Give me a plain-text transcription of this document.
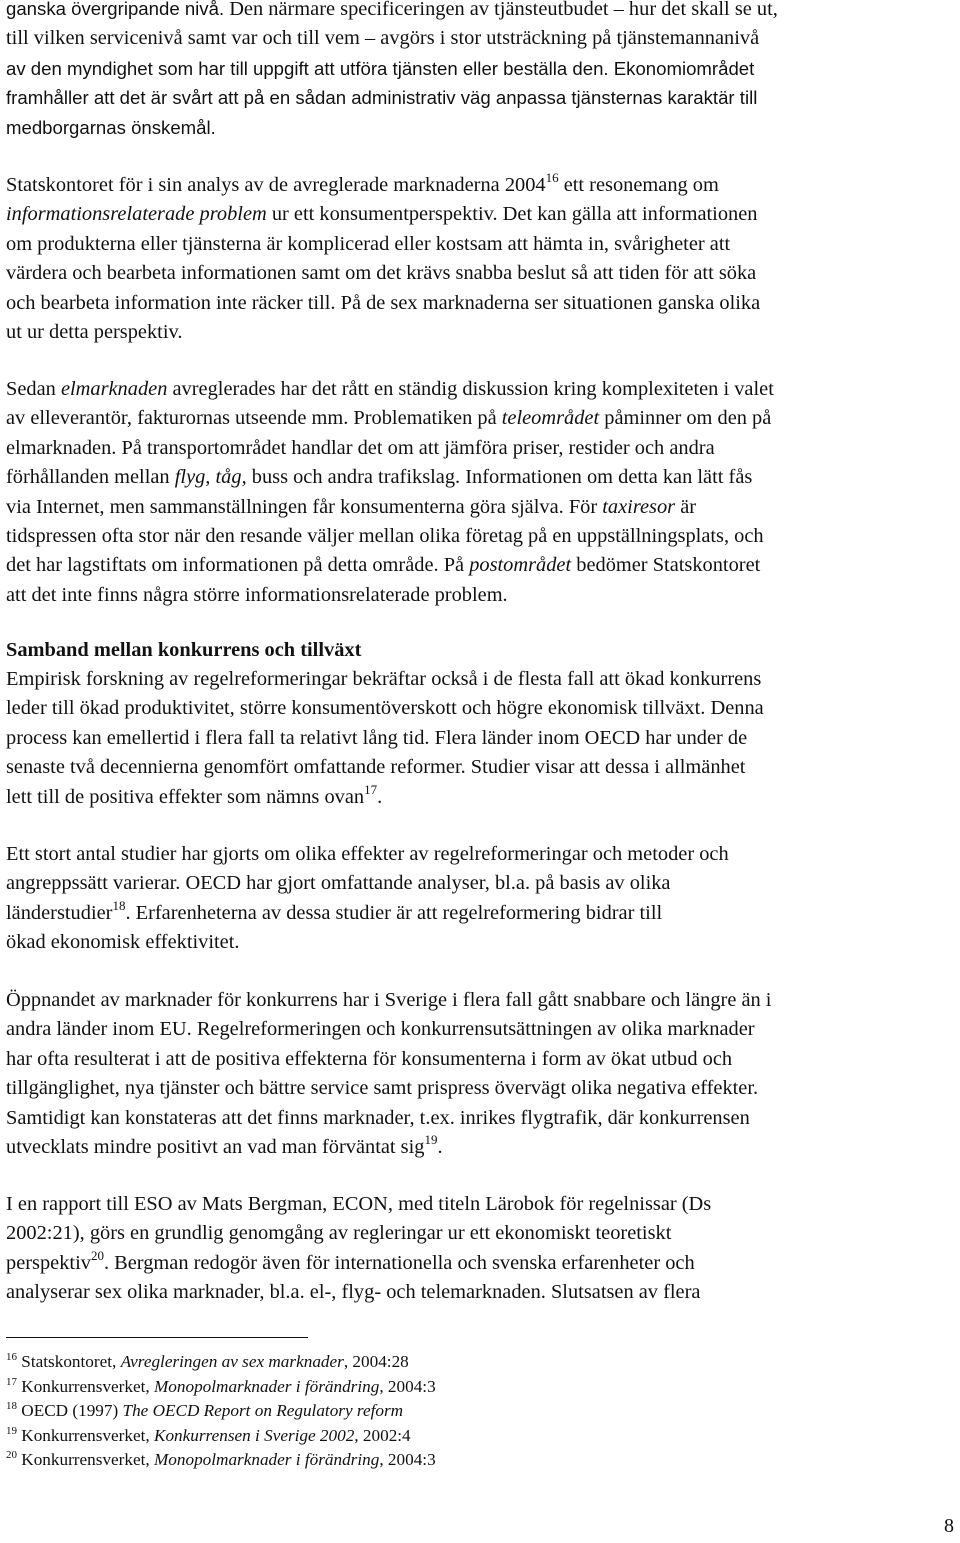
ganska övergripande nivå. Den närmare specificeringen av tjänsteutbudet – hur det skall se ut,
till vilken servicenivå samt var och till vem – avgörs i stor utsträckning på tjänstemannanivå
av den myndighet som har till uppgift att utföra tjänsten eller beställa den. Ekonomiområdet
framhåller att det är svårt att på en sådan administrativ väg anpassa tjänsternas karaktär till
medborgarnas önskemål.

Statskontoret för i sin analys av de avreglerade marknaderna 2004$^{16}$ ett resonemang om
informationsrelaterade problem ur ett konsumentperspektiv. Det kan gälla att informationen
om produkterna eller tjänsterna är komplicerad eller kostsam att hämta in, svårigheter att
värdera och bearbeta informationen samt om det krävs snabba beslut så att tiden för att söka
och bearbeta information inte räcker till. På de sex marknaderna ser situationen ganska olika
ut ur detta perspektiv.

Sedan elmarknaden avreglerades har det rått en ständig diskussion kring komplexiteten i valet
av elleverantör, fakturornas utseende mm. Problematiken på teleområdet påminner om den på
elmarknaden. På transportområdet handlar det om att jämföra priser, restider och andra
förhållanden mellan flyg, tåg, buss och andra trafikslag. Informationen om detta kan lätt fås
via Internet, men sammanställningen får konsumenterna göra själva. För taxiresor är
tidspressen ofta stor när den resande väljer mellan olika företag på en uppställningsplats, och
det har lagstiftats om informationen på detta område. På postområdet bedömer Statskontoret
att det inte finns några större informationsrelaterade problem.

Samband mellan konkurrens och tillväxt

Empirisk forskning av regelreformeringar bekräftar också i de flesta fall att ökad konkurrens
leder till ökad produktivitet, större konsumentöverskott och högre ekonomisk tillväxt. Denna
process kan emellertid i flera fall ta relativt lång tid. Flera länder inom OECD har under de
senaste två decennierna genomfört omfattande reformer. Studier visar att dessa i allmänhet
lett till de positiva effekter som nämns ovan$^{17}$.

Ett stort antal studier har gjorts om olika effekter av regelreformeringar och metoder och
angreppssätt varierar. OECD har gjort omfattande analyser, bl.a. på basis av olika
länderstudier$^{18}$. Erfarenheterna av dessa studier är att regelreformering bidrar till
ökad ekonomisk effektivitet.

Öppnandet av marknader för konkurrens har i Sverige i flera fall gått snabbare och längre än i
andra länder inom EU. Regelreformeringen och konkurrensutsättningen av olika marknader
har ofta resulterat i att de positiva effekterna för konsumenterna i form av ökat utbud och
tillgänglighet, nya tjänster och bättre service samt prispress övervägt olika negativa effekter.
Samtidigt kan konstateras att det finns marknader, t.ex. inrikes flygtrafik, där konkurrensen
utvecklats mindre positivt an vad man förväntat sig$^{19}$.

I en rapport till ESO av Mats Bergman, ECON, med titeln Lärobok för regelnissar (Ds
2002:21), görs en grundlig genomgång av regleringar ur ett ekonomiskt teoretiskt
perspektiv$^{20}$. Bergman redogör även för internationella och svenska erfarenheter och
analyserar sex olika marknader, bl.a. el-, flyg- och telemarknaden. Slutsatsen av flera

$^{16}$ Statskontoret, Avregleringen av sex marknader, 2004:28
$^{17}$ Konkurrensverket, Monopolmarknader i förändring, 2004:3
$^{18}$ OECD (1997) The OECD Report on Regulatory reform
$^{19}$ Konkurrensverket, Konkurrensen i Sverige 2002, 2002:4
$^{20}$ Konkurrensverket, Monopolmarknader i förändring, 2004:3
8
